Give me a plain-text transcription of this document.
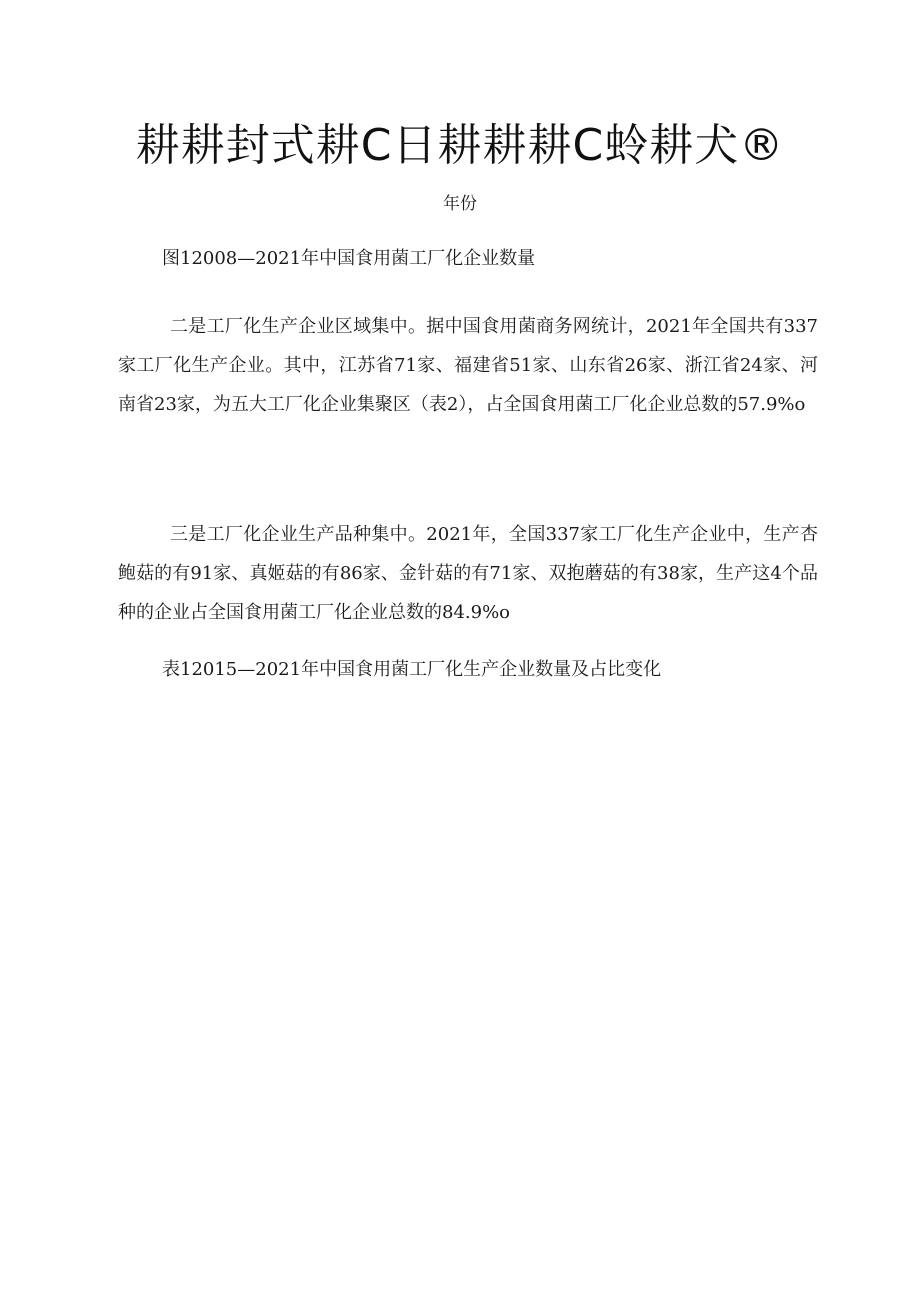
耕耕封式耕C日耕耕耕C蛉耕犬®
年份
图12008—2021年中国食用菌工厂化企业数量

二是工厂化生产企业区域集中。据中国食用菌商务网统计，2021年全国共有337家工厂化生产企业。其中，江苏省71家、福建省51家、山东省26家、浙江省24家、河南省23家，为五大工厂化企业集聚区（表2），占全国食用菌工厂化企业总数的57.9%o

三是工厂化企业生产品种集中。2021年，全国337家工厂化生产企业中，生产杏鲍菇的有91家、真姬菇的有86家、金针菇的有71家、双抱蘑菇的有38家，生产这4个品种的企业占全国食用菌工厂化企业总数的84.9%o

表12015—2021年中国食用菌工厂化生产企业数量及占比变化
